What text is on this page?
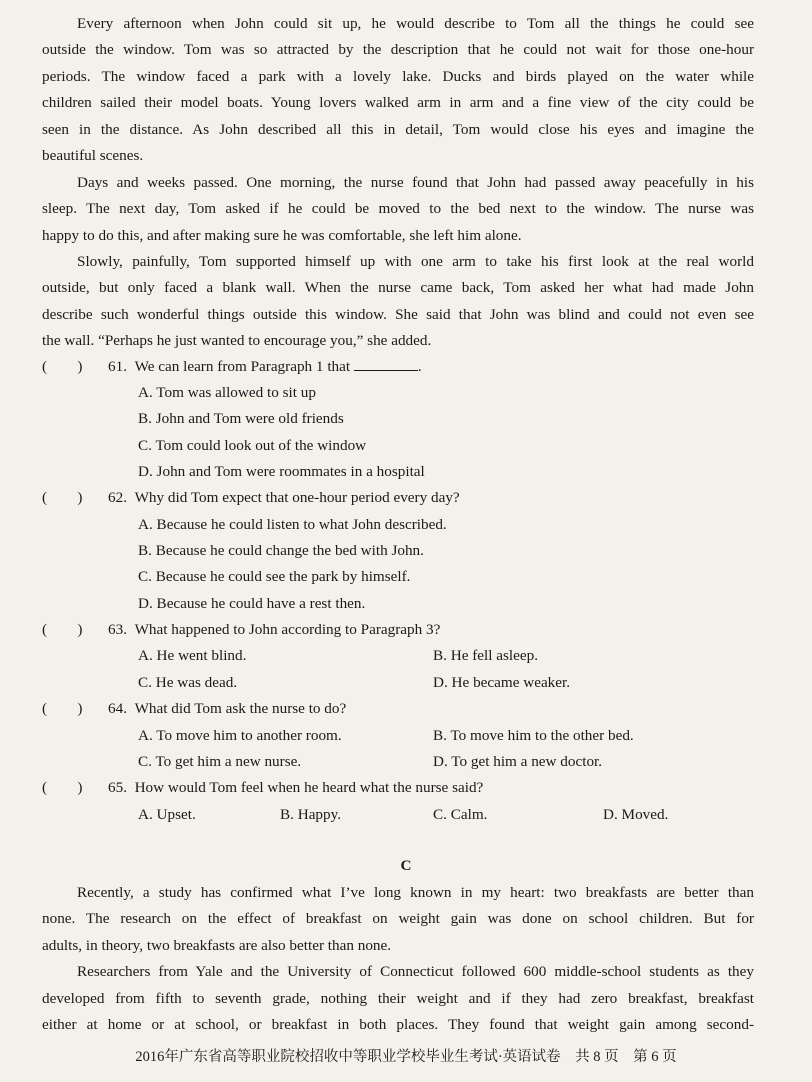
Every afternoon when John could sit up, he would describe to Tom all the things he could see
outside the window. Tom was so attracted by the description that he could not wait for those one-hour
periods. The window faced a park with a lovely lake. Ducks and birds played on the water while
children sailed their model boats. Young lovers walked arm in arm and a fine view of the city could be
seen in the distance. As John described all this in detail, Tom would close his eyes and imagine the
beautiful scenes.
Days and weeks passed. One morning, the nurse found that John had passed away peacefully in his
sleep. The next day, Tom asked if he could be moved to the bed next to the window. The nurse was
happy to do this, and after making sure he was comfortable, she left him alone.
Slowly, painfully, Tom supported himself up with one arm to take his first look at the real world
outside, but only faced a blank wall. When the nurse came back, Tom asked her what had made John
describe such wonderful things outside this window. She said that John was blind and could not even see
the wall. “Perhaps he just wanted to encourage you,” she added.
(    ) 61. We can learn from Paragraph 1 that	.
A. Tom was allowed to sit up
B. John and Tom were old friends
C. Tom could look out of the window
D. John and Tom were roommates in a hospital
(    ) 62. Why did Tom expect that one-hour period every day?
A. Because he could listen to what John described.
B. Because he could change the bed with John.
C. Because he could see the park by himself.
D. Because he could have a rest then.
(    ) 63. What happened to John according to Paragraph 3?
A. He went blind.	B. He fell asleep.
C. He was dead.	D. He became weaker.
(    ) 64. What did Tom ask the nurse to do?
A. To move him to another room.	B. To move him to the other bed.
C. To get him a new nurse.	D. To get him a new doctor.
(    ) 65. How would Tom feel when he heard what the nurse said?
A. Upset.	B. Happy.	C. Calm.	D. Moved.
C
Recently, a study has confirmed what I’ve long known in my heart: two breakfasts are better than
none. The research on the effect of breakfast on weight gain was done on school children. But for
adults, in theory, two breakfasts are also better than none.
Researchers from Yale and the University of Connecticut followed 600 middle-school students as they
developed from fifth to seventh grade, nothing their weight and if they had zero breakfast, breakfast
either at home or at school, or breakfast in both places. They found that weight gain among second-
2016年广东省高等职业院校招收中等职业学校毕业生考试·英语试卷　共 8 页　第 6 页
